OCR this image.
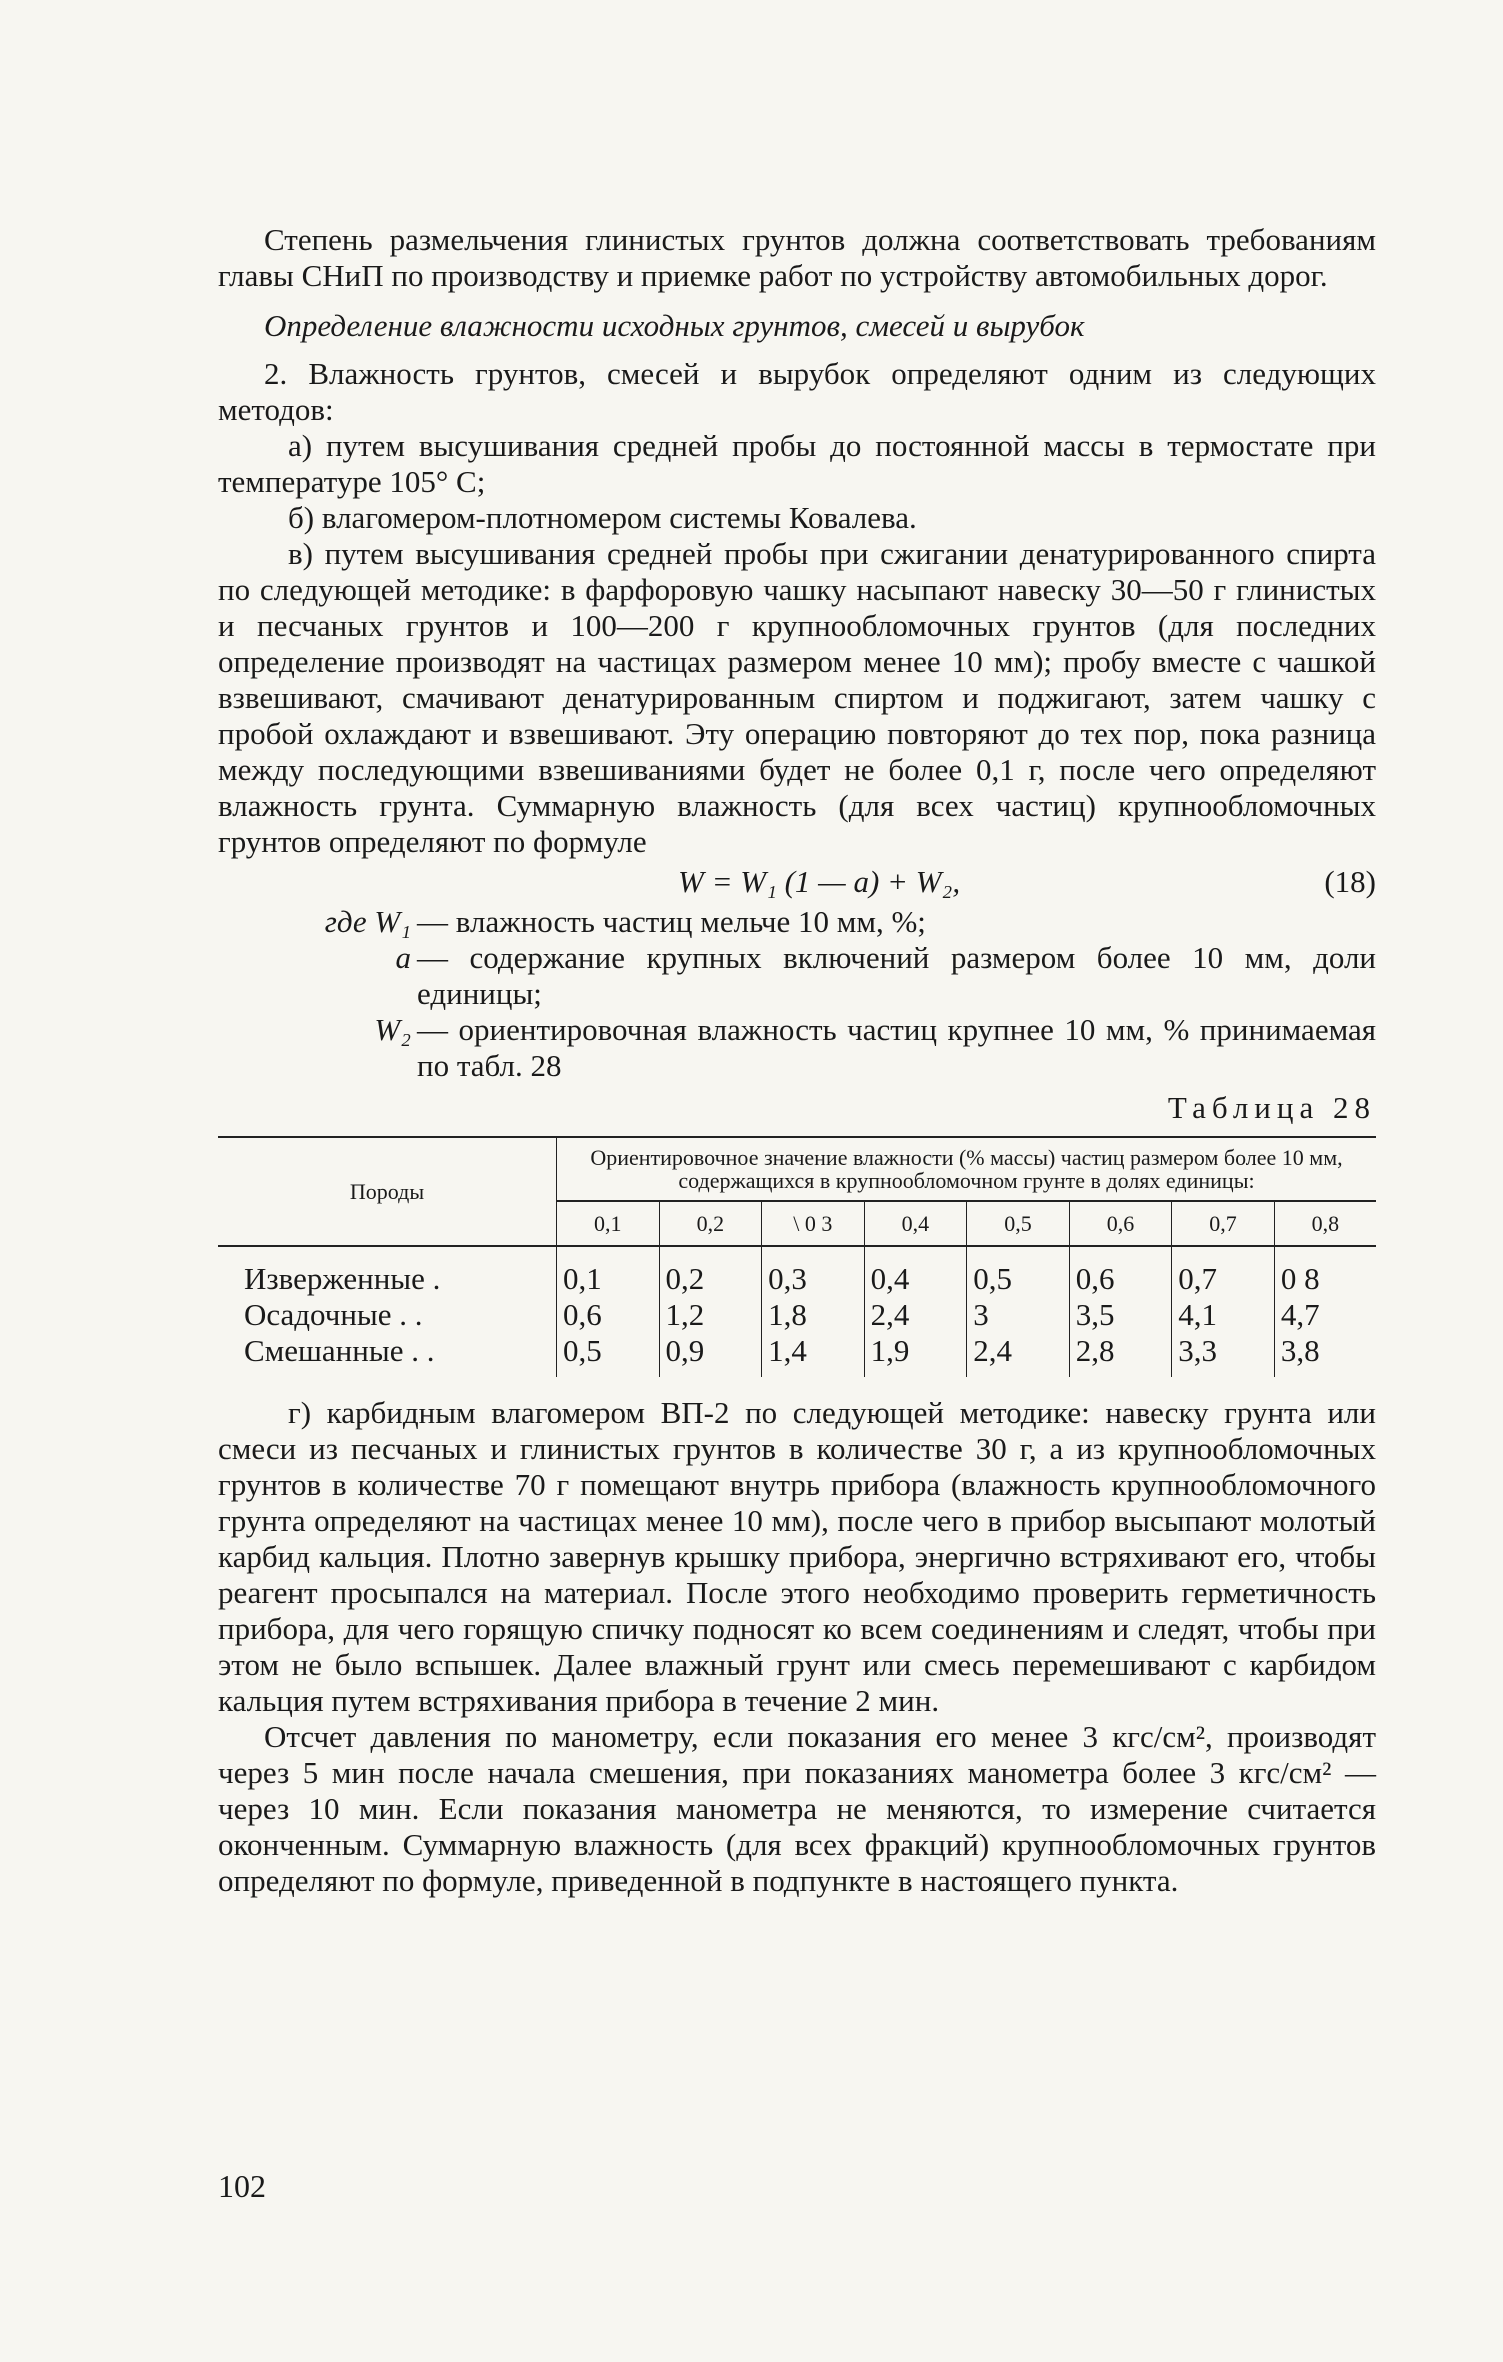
Степень размельчения глинистых грунтов должна соответствовать требованиям главы СНиП по производству и приемке работ по устройству автомобильных дорог.

Определение влажности исходных грунтов, смесей и вырубок

2. Влажность грунтов, смесей и вырубок определяют одним из следующих методов:

а) путем высушивания средней пробы до постоянной массы в термостате при температуре 105° С;

б) влагомером-плотномером системы Ковалева.

в) путем высушивания средней пробы при сжигании денатурированного спирта по следующей методике: в фарфоровую чашку насыпают навеску 30—50 г глинистых и песчаных грунтов и 100—200 г крупнообломочных грунтов (для последних определение производят на частицах размером менее 10 мм); пробу вместе с чашкой взвешивают, смачивают денатурированным спиртом и поджигают, затем чашку с пробой охлаждают и взвешивают. Эту операцию повторяют до тех пор, пока разница между последующими взвешиваниями будет не более 0,1 г, после чего определяют влажность грунта. Суммарную влажность (для всех частиц) крупнообломочных грунтов определяют по формуле

W = W₁ (1 — a) + W₂,	(18)
где W₁ — влажность частиц мельче 10 мм, %;
a — содержание крупных включений размером более 10 мм, доли единицы;
W₂ — ориентировочная влажность частиц крупнее 10 мм, % принимаемая по табл. 28
Таблица 28
Породы	Ориентировочное значение влажности (% массы) частиц размером более 10 мм, содержащихся в крупнообломочном грунте в долях единицы:							
	0,1	0,2	\ 0 3	0,4	0,5	0,6	0,7	0,8
Изверженные .	0,1	0,2	0,3	0,4	0,5	0,6	0,7	0 8
Осадочные . .	0,6	1,2	1,8	2,4	3	3,5	4,1	4,7
Смешанные . .	0,5	0,9	1,4	1,9	2,4	2,8	3,3	3,8

г) карбидным влагомером ВП-2 по следующей методике: навеску грунта или смеси из песчаных и глинистых грунтов в количестве 30 г, а из крупнообломочных грунтов в количестве 70 г помещают внутрь прибора (влажность крупнообломочного грунта определяют на частицах менее 10 мм), после чего в прибор высыпают молотый карбид кальция. Плотно завернув крышку прибора, энергично встряхивают его, чтобы реагент просыпался на материал. После этого необходимо проверить герметичность прибора, для чего горящую спичку подносят ко всем соединениям и следят, чтобы при этом не было вспышек. Далее влажный грунт или смесь перемешивают с карбидом кальция путем встряхивания прибора в течение 2 мин.

Отсчет давления по манометру, если показания его менее 3 кгс/см², производят через 5 мин после начала смешения, при показаниях манометра более 3 кгс/см² — через 10 мин. Если показания манометра не меняются, то измерение считается оконченным. Суммарную влажность (для всех фракций) крупнообломочных грунтов определяют по формуле, приведенной в подпункте в настоящего пункта.

102
